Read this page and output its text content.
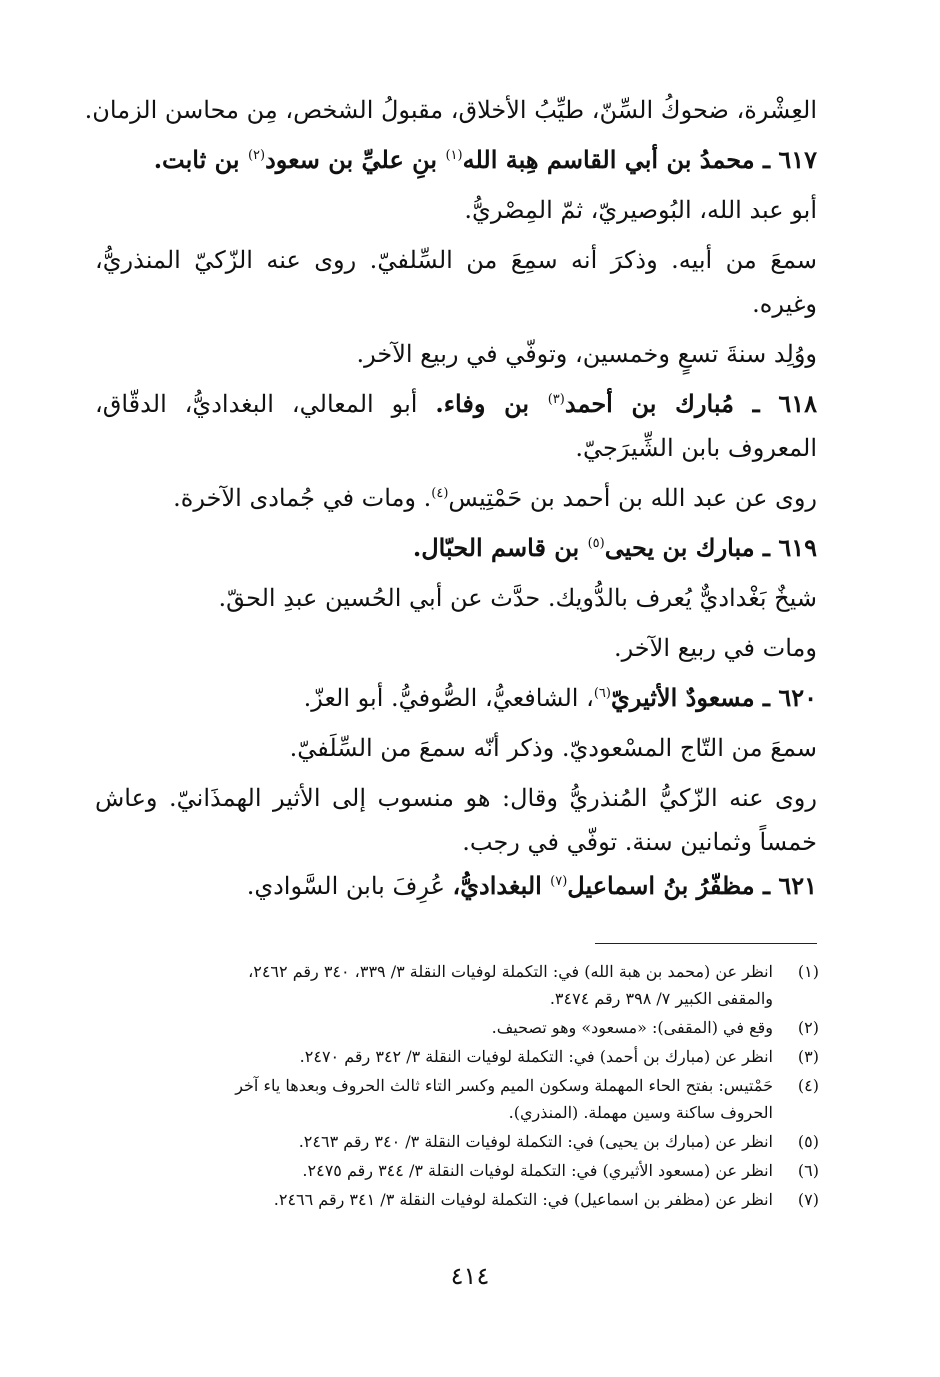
العِشْرة، ضحوكُ السِّنّ، طيِّبُ الأخلاق، مقبولُ الشخص، مِن محاسن الزمان.
٦١٧ ـ محمدُ بن أبي القاسم هِبة الله$^{(١)}$ بنِ عليِّ بن سعود$^{(٢)}$ بن ثابت.
أبو عبد الله، البُوصيريّ، ثمّ المِصْريُّ.
سمعَ من أبيه. وذكرَ أنه سمِعَ من السِّلفيّ. روى عنه الزّكيّ المنذريُّ،
وغيره.
ووُلِد سنةَ تسعٍ وخمسين، وتوفّي في ربيع الآخر.
٦١٨ ـ مُبارك بن أحمد$^{(٣)}$ بن وفاء. أبو المعالي، البغداديُّ، الدقّاق،
المعروف بابن الشِّيرَجيّ.
روى عن عبد الله بن أحمد بن حَمْتِيس$^{(٤)}$. ومات في جُمادى الآخرة.
٦١٩ ـ مبارك بن يحيى$^{(٥)}$ بن قاسم الحبّال.
شيخٌ بَغْداديٌّ يُعرف بالدُّويك. حدَّث عن أبي الحُسين عبدِ الحقّ.
ومات في ربيع الآخر.
٦٢٠ ـ مسعودٌ الأثيريّ$^{(٦)}$، الشافعيُّ، الصُّوفيُّ. أبو العزّ.
سمعَ من التّاج المسْعوديّ. وذكر أنّه سمعَ من السِّلَفيّ.
روى عنه الزّكيُّ المُنذريُّ وقال: هو منسوب إلى الأثير الهمذَانيّ. وعاش
خمساً وثمانين سنة. توفّي في رجب.
٦٢١ ـ مظفّرُ بنُ اسماعيل$^{(٧)}$ البغداديُّ، عُرِفَ بابن السَّوادي.
(١)
انظر عن (محمد بن هبة الله) في: التكملة لوفيات النقلة ٣/ ٣٣٩، ٣٤٠ رقم ٢٤٦٢،
والمقفى الكبير ٧/ ٣٩٨ رقم ٣٤٧٤.
(٢)
وقع في (المقفى): «مسعود» وهو تصحيف.
(٣)
انظر عن (مبارك بن أحمد) في: التكملة لوفيات النقلة ٣/ ٣٤٢ رقم ٢٤٧٠.
(٤)
حَمْتيس: بفتح الحاء المهملة وسكون الميم وكسر التاء ثالث الحروف وبعدها ياء آخر
الحروف ساكنة وسين مهملة. (المنذري).
(٥)
انظر عن (مبارك بن يحيى) في: التكملة لوفيات النقلة ٣/ ٣٤٠ رقم ٢٤٦٣.
(٦)
انظر عن (مسعود الأثيري) في: التكملة لوفيات النقلة ٣/ ٣٤٤ رقم ٢٤٧٥.
(٧)
انظر عن (مظفر بن اسماعيل) في: التكملة لوفيات النقلة ٣/ ٣٤١ رقم ٢٤٦٦.
٤١٤
